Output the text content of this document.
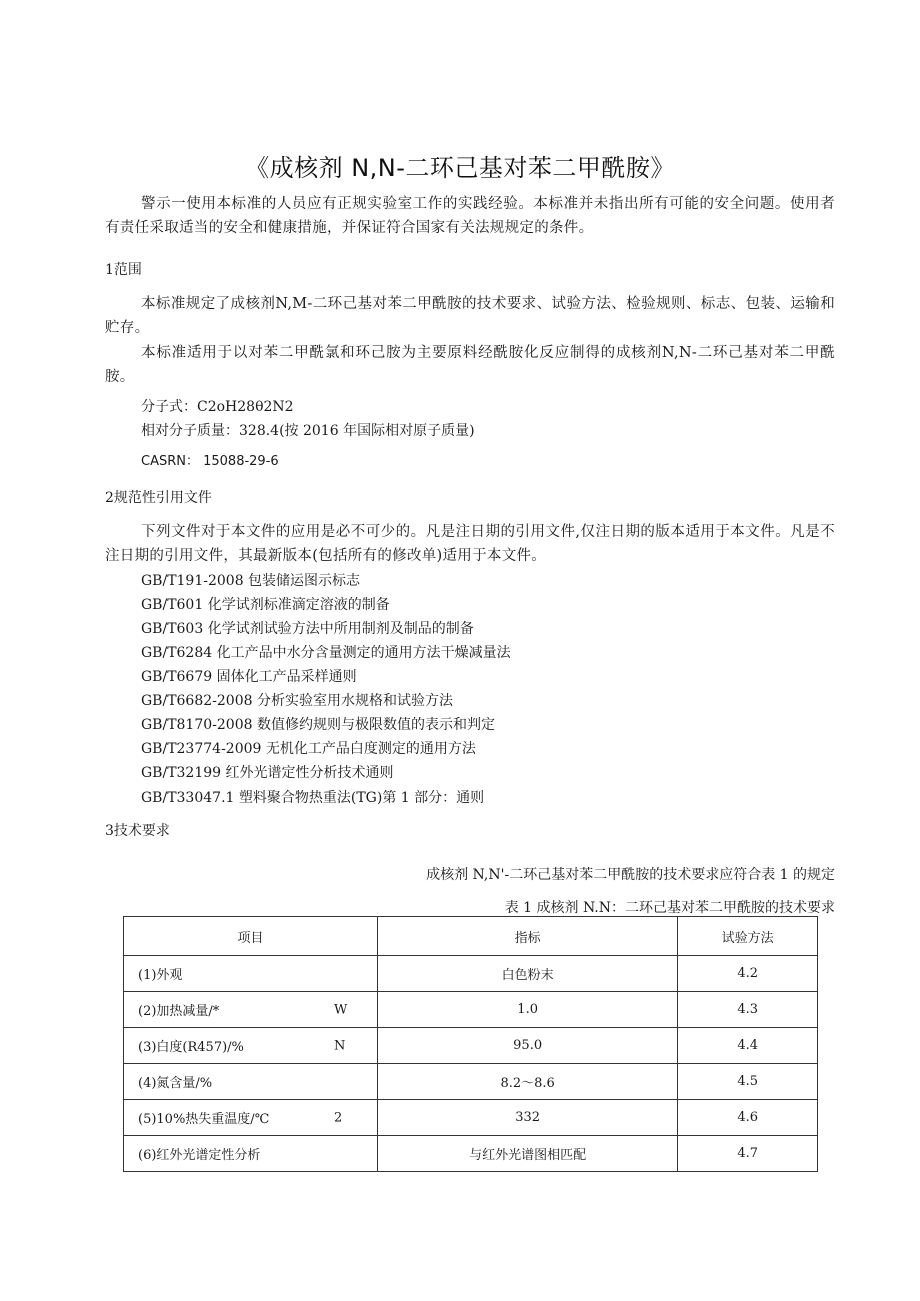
《成核剂 N,N-二环己基对苯二甲酰胺》
警示一使用本标准的人员应有正规实验室工作的实践经验。本标准并未指出所有可能的安全问题。使用者有责任采取适当的安全和健康措施，并保证符合国家有关法规规定的条件。
1范围
本标准规定了成核剂N,M-二环己基对苯二甲酰胺的技术要求、试验方法、检验规则、标志、包装、运输和贮存。
本标准适用于以对苯二甲酰氯和环己胺为主要原料经酰胺化反应制得的成核剂N,N-二环己基对苯二甲酰胺。
分子式：C2oH28θ2N2
相对分子质量：328.4(按 2016 年国际相对原子质量)
CASRN： 15088-29-6
2规范性引用文件
下列文件对于本文件的应用是必不可少的。凡是注日期的引用文件,仅注日期的版本适用于本文件。凡是不注日期的引用文件，其最新版本(包括所有的修改单)适用于本文件。
GB/T191-2008 包装储运图示标志
GB/T601 化学试剂标准滴定溶液的制备
GB/T603 化学试剂试验方法中所用制剂及制品的制备
GB/T6284 化工产品中水分含量测定的通用方法干燥减量法
GB/T6679 固体化工产品采样通则
GB/T6682-2008 分析实验室用水规格和试验方法
GB/T8170-2008 数值修约规则与极限数值的表示和判定
GB/T23774-2009 无机化工产品白度测定的通用方法
GB/T32199 红外光谱定性分析技术通则
GB/T33047.1 塑料聚合物热重法(TG)第 1 部分：通则
3技术要求
成核剂 N,N'-二环己基对苯二甲酰胺的技术要求应符合表 1 的规定
表 1 成核剂 N.N：二环己基对苯二甲酰胺的技术要求
项目	指标	试验方法
(1)外观	白色粉末	4.2
(2)加热减量/* W	1.0	4.3
(3)白度(R457)/% N	95.0	4.4
(4)氮含量/%	8.2～8.6	4.5
(5)10%热失重温度/℃ 2	332	4.6
(6)红外光谱定性分析	与红外光谱图相匹配	4.7
